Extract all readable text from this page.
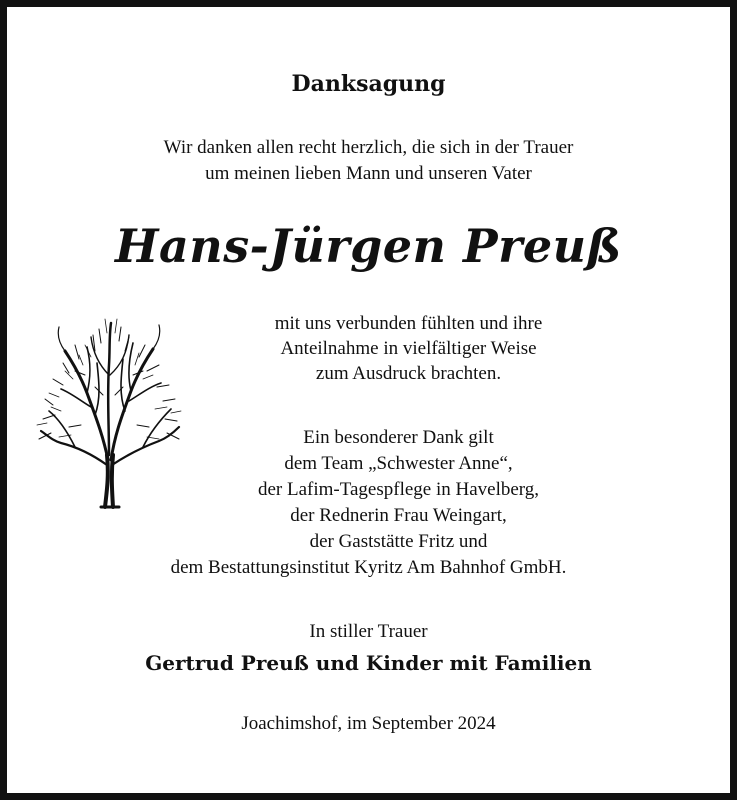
Danksagung
Wir danken allen recht herzlich, die sich in der Trauer
um meinen lieben Mann und unseren Vater
Hans-Jürgen Preuß
mit uns verbunden fühlten und ihre
Anteilnahme in vielfältiger Weise
zum Ausdruck brachten.
Ein besonderer Dank gilt
dem Team „Schwester Anne“,
der Lafim-Tagespflege in Havelberg,
der Rednerin Frau Weingart,
der Gaststätte Fritz und
dem Bestattungsinstitut Kyritz Am Bahnhof GmbH.
In stiller Trauer
Gertrud Preuß und Kinder mit Familien
Joachimshof, im September 2024
